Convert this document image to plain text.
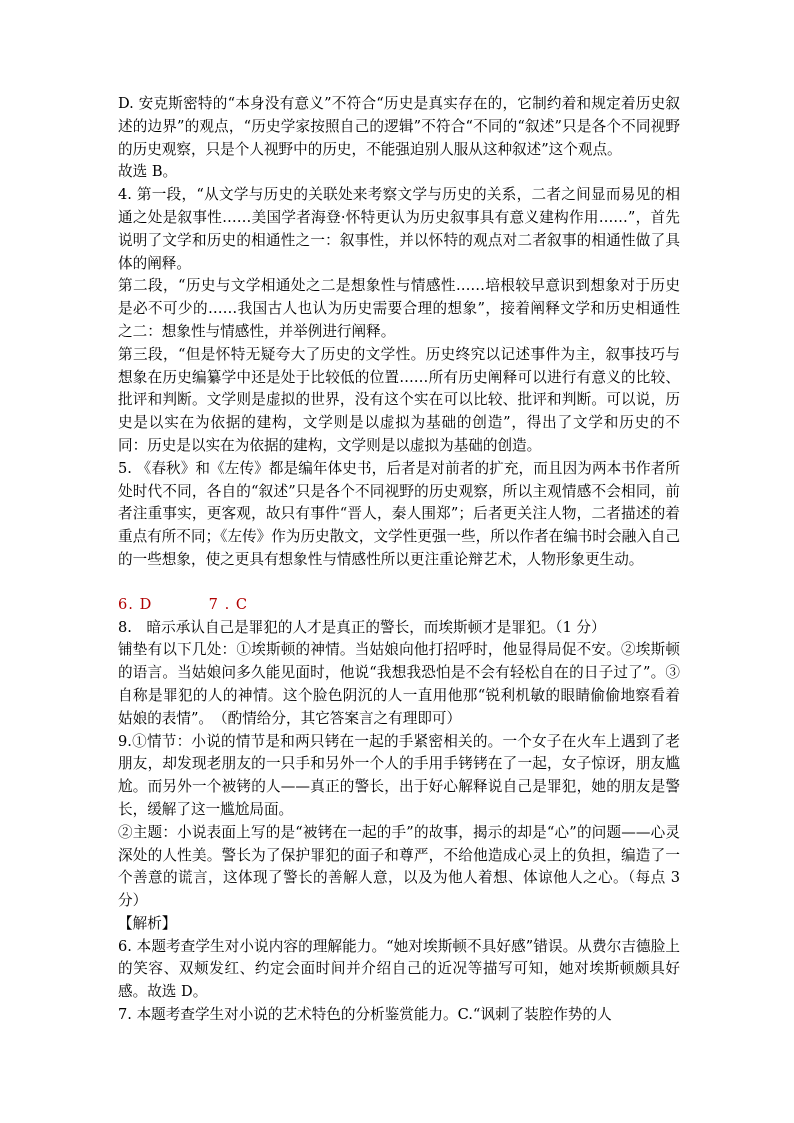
D. 安克斯密特的“本身没有意义”不符合“历史是真实存在的，它制约着和规定着历史叙述的边界”的观点，“历史学家按照自己的逻辑”不符合“不同的“叙述”只是各个不同视野的历史观察，只是个人视野中的历史，不能强迫别人服从这种叙述”这个观点。

故选 B。

4. 第一段，“从文学与历史的关联处来考察文学与历史的关系，二者之间显而易见的相通之处是叙事性……美国学者海登·怀特更认为历史叙事具有意义建构作用……”，首先说明了文学和历史的相通性之一：叙事性，并以怀特的观点对二者叙事的相通性做了具体的阐释。

第二段，“历史与文学相通处之二是想象性与情感性……培根较早意识到想象对于历史是必不可少的……我国古人也认为历史需要合理的想象”，接着阐释文学和历史相通性之二：想象性与情感性，并举例进行阐释。

第三段，“但是怀特无疑夸大了历史的文学性。历史终究以记述事件为主，叙事技巧与想象在历史编纂学中还是处于比较低的位置……所有历史阐释可以进行有意义的比较、批评和判断。文学则是虚拟的世界，没有这个实在可以比较、批评和判断。可以说，历史是以实在为依据的建构，文学则是以虚拟为基础的创造”，得出了文学和历史的不同：历史是以实在为依据的建构，文学则是以虚拟为基础的创造。

5. 《春秋》和《左传》都是编年体史书，后者是对前者的扩充，而且因为两本书作者所处时代不同，各自的“叙述”只是各个不同视野的历史观察，所以主观情感不会相同，前者注重事实，更客观，故只有事件“晋人，秦人围郑”；后者更关注人物，二者描述的着重点有所不同；《左传》作为历史散文，文学性更强一些，所以作者在编书时会融入自己的一些想象，使之更具有想象性与情感性所以更注重论辩艺术，人物形象更生动。

6. D          7 . C

8.　暗示承认自己是罪犯的人才是真正的警长，而埃斯顿才是罪犯。（1 分）

铺垫有以下几处：①埃斯顿的神情。当姑娘向他打招呼时，他显得局促不安。②埃斯顿的语言。当姑娘问多久能见面时，他说“我想我恐怕是不会有轻松自在的日子过了”。③自称是罪犯的人的神情。这个脸色阴沉的人一直用他那“锐利机敏的眼睛偷偷地察看着姑娘的表情”。　（酌情给分，其它答案言之有理即可）

9.①情节：小说的情节是和两只铐在一起的手紧密相关的。一个女子在火车上遇到了老朋友，却发现老朋友的一只手和另外一个人的手用手铐铐在了一起，女子惊讶，朋友尴尬。而另外一个被铐的人——真正的警长，出于好心解释说自己是罪犯，她的朋友是警长，缓解了这一尴尬局面。

②主题：小说表面上写的是“被铐在一起的手”的故事，揭示的却是“心”的问题——心灵深处的人性美。警长为了保护罪犯的面子和尊严，不给他造成心灵上的负担，编造了一个善意的谎言，这体现了警长的善解人意，以及为他人着想、体谅他人之心。（每点 3 分）

【解析】

6. 本题考查学生对小说内容的理解能力。“她对埃斯顿不具好感”错误。从费尔吉德脸上的笑容、双颊发红、约定会面时间并介绍自己的近况等描写可知，她对埃斯顿颇具好感。故选 D。

7. 本题考查学生对小说的艺术特色的分析鉴赏能力。C.“讽刺了装腔作势的人
